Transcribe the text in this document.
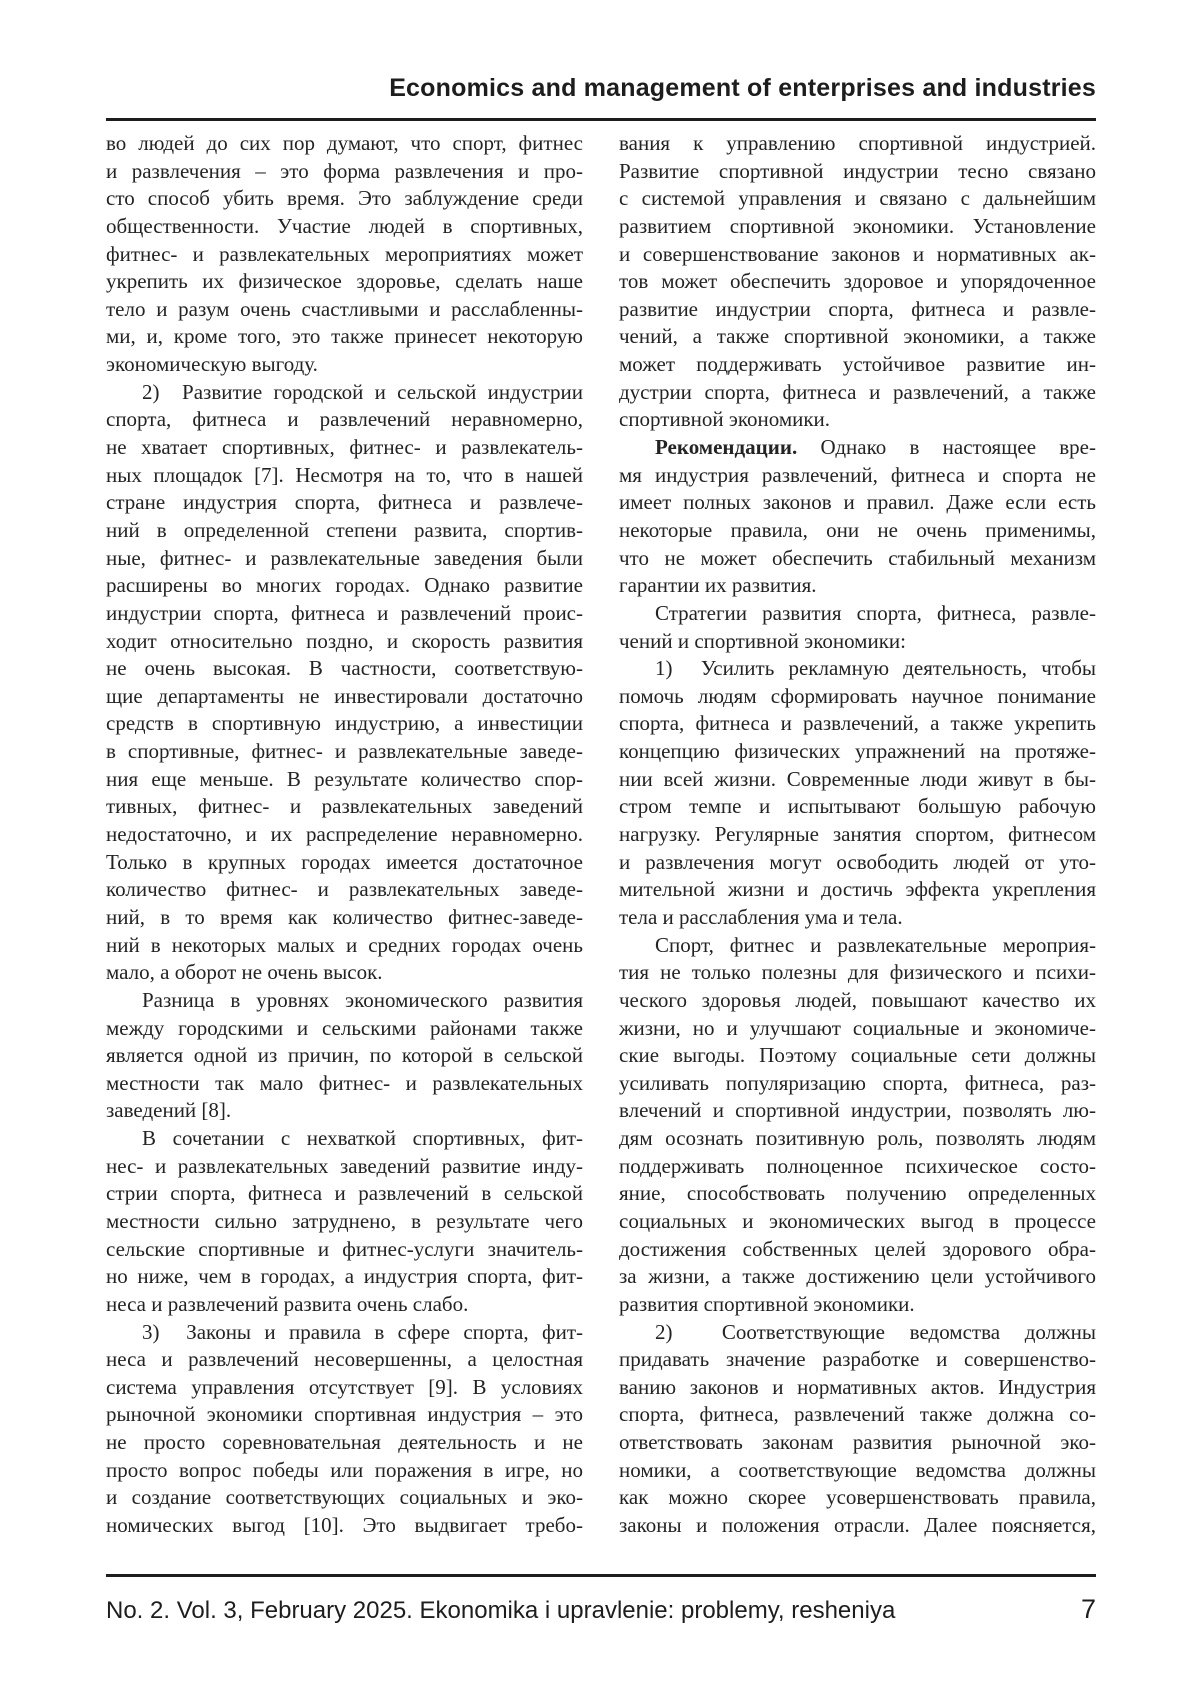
Economics and management of enterprises and industries
во людей до сих пор думают, что спорт, фитнес
и развлечения – это форма развлечения и про-
сто способ убить время. Это заблуждение среди
общественности. Участие людей в спортивных,
фитнес- и развлекательных мероприятиях может
укрепить их физическое здоровье, сделать наше
тело и разум очень счастливыми и расслабленны-
ми, и, кроме того, это также принесет некоторую
экономическую выгоду.
2)  Развитие городской и сельской индустрии
спорта, фитнеса и развлечений неравномерно,
не хватает спортивных, фитнес- и развлекатель-
ных площадок [7]. Несмотря на то, что в нашей
стране индустрия спорта, фитнеса и развлече-
ний в определенной степени развита, спортив-
ные, фитнес- и развлекательные заведения были
расширены во многих городах. Однако развитие
индустрии спорта, фитнеса и развлечений проис-
ходит относительно поздно, и скорость развития
не очень высокая. В частности, соответствую-
щие департаменты не инвестировали достаточно
средств в спортивную индустрию, а инвестиции
в спортивные, фитнес- и развлекательные заведе-
ния еще меньше. В результате количество спор-
тивных, фитнес- и развлекательных заведений
недостаточно, и их распределение неравномерно.
Только в крупных городах имеется достаточное
количество фитнес- и развлекательных заведе-
ний, в то время как количество фитнес-заведе-
ний в некоторых малых и средних городах очень
мало, а оборот не очень высок.
Разница в уровнях экономического развития
между городскими и сельскими районами также
является одной из причин, по которой в сельской
местности так мало фитнес- и развлекательных
заведений [8].
В сочетании с нехваткой спортивных, фит-
нес- и развлекательных заведений развитие инду-
стрии спорта, фитнеса и развлечений в сельской
местности сильно затруднено, в результате чего
сельские спортивные и фитнес-услуги значитель-
но ниже, чем в городах, а индустрия спорта, фит-
неса и развлечений развита очень слабо.
3)  Законы и правила в сфере спорта, фит-
неса и развлечений несовершенны, а целостная
система управления отсутствует [9]. В условиях
рыночной экономики спортивная индустрия – это
не просто соревновательная деятельность и не
просто вопрос победы или поражения в игре, но
и создание соответствующих социальных и эко-
номических выгод [10]. Это выдвигает требо-
вания к управлению спортивной индустрией.
Развитие спортивной индустрии тесно связано
с системой управления и связано с дальнейшим
развитием спортивной экономики. Установление
и совершенствование законов и нормативных ак-
тов может обеспечить здоровое и упорядоченное
развитие индустрии спорта, фитнеса и развле-
чений, а также спортивной экономики, а также
может поддерживать устойчивое развитие ин-
дустрии спорта, фитнеса и развлечений, а также
спортивной экономики.
Рекомендации. Однако в настоящее вре-
мя индустрия развлечений, фитнеса и спорта не
имеет полных законов и правил. Даже если есть
некоторые правила, они не очень применимы,
что не может обеспечить стабильный механизм
гарантии их развития.
Стратегии развития спорта, фитнеса, развле-
чений и спортивной экономики:
1)  Усилить рекламную деятельность, чтобы
помочь людям сформировать научное понимание
спорта, фитнеса и развлечений, а также укрепить
концепцию физических упражнений на протяже-
нии всей жизни. Современные люди живут в бы-
стром темпе и испытывают большую рабочую
нагрузку. Регулярные занятия спортом, фитнесом
и развлечения могут освободить людей от уто-
мительной жизни и достичь эффекта укрепления
тела и расслабления ума и тела.
Спорт, фитнес и развлекательные мероприя-
тия не только полезны для физического и психи-
ческого здоровья людей, повышают качество их
жизни, но и улучшают социальные и экономиче-
ские выгоды. Поэтому социальные сети должны
усиливать популяризацию спорта, фитнеса, раз-
влечений и спортивной индустрии, позволять лю-
дям осознать позитивную роль, позволять людям
поддерживать полноценное психическое состо-
яние, способствовать получению определенных
социальных и экономических выгод в процессе
достижения собственных целей здорового обра-
за жизни, а также достижению цели устойчивого
развития спортивной экономики.
2)  Соответствующие ведомства должны
придавать значение разработке и совершенство-
ванию законов и нормативных актов. Индустрия
спорта, фитнеса, развлечений также должна со-
ответствовать законам развития рыночной эко-
номики, а соответствующие ведомства должны
как можно скорее усовершенствовать правила,
законы и положения отрасли. Далее поясняется,
No. 2. Vol. 3, February 2025. Ekonomika i upravlenie: problemy, resheniya	7
